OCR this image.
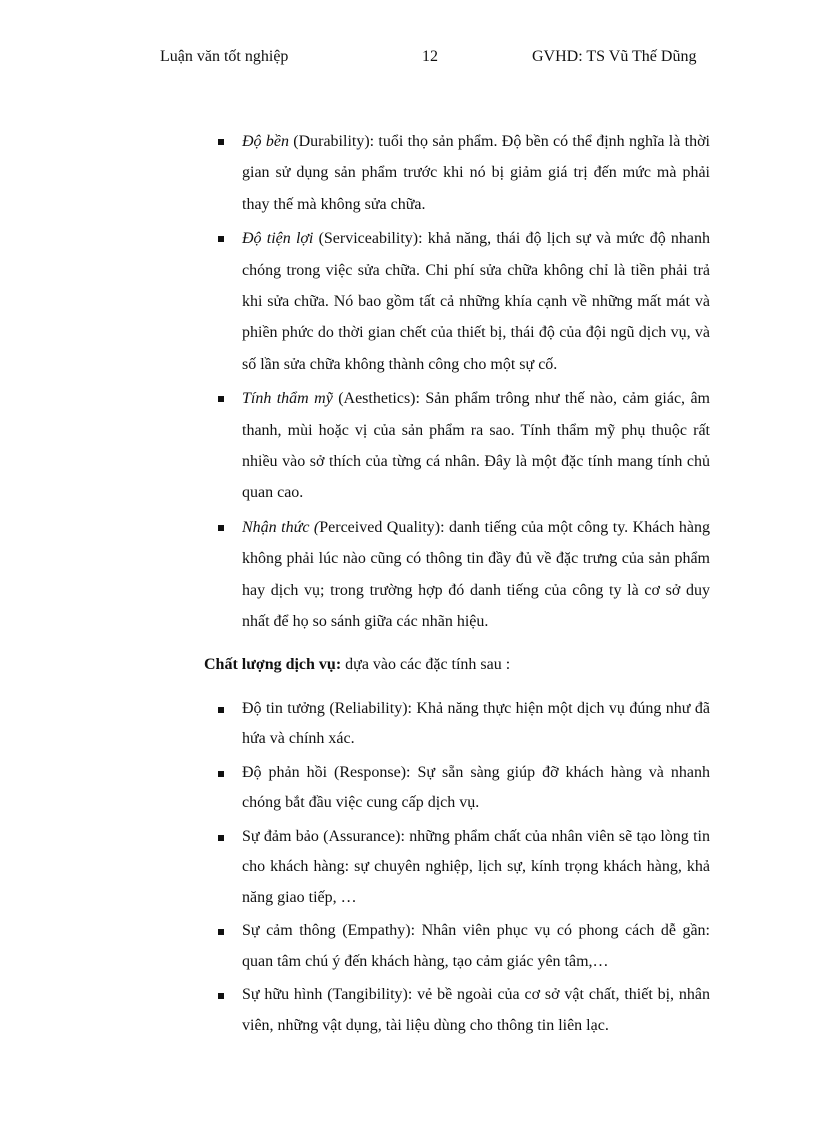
Luận văn tốt nghiệp	12	GVHD: TS Vũ Thế Dũng
Độ bền (Durability): tuổi thọ sản phẩm. Độ bền có thể định nghĩa là thời gian sử dụng sản phẩm trước khi nó bị giảm giá trị đến mức mà phải thay thế mà không sửa chữa.
Độ tiện lợi (Serviceability): khả năng, thái độ lịch sự và mức độ nhanh chóng trong việc sửa chữa. Chi phí sửa chữa không chỉ là tiền phải trả khi sửa chữa. Nó bao gồm tất cả những khía cạnh về những mất mát và phiền phức do thời gian chết của thiết bị, thái độ của đội ngũ dịch vụ, và số lần sửa chữa không thành công cho một sự cố.
Tính thẩm mỹ (Aesthetics): Sản phẩm trông như thế nào, cảm giác, âm thanh, mùi hoặc vị của sản phẩm ra sao. Tính thẩm mỹ phụ thuộc rất nhiều vào sở thích của từng cá nhân. Đây là một đặc tính mang tính chủ quan cao.
Nhận thức (Perceived Quality): danh tiếng của một công ty. Khách hàng không phải lúc nào cũng có thông tin đầy đủ về đặc trưng của sản phẩm hay dịch vụ; trong trường hợp đó danh tiếng của công ty là cơ sở duy nhất để họ so sánh giữa các nhãn hiệu.
Chất lượng dịch vụ: dựa vào các đặc tính sau :
Độ tin tưởng (Reliability): Khả năng thực hiện một dịch vụ đúng như đã hứa và chính xác.
Độ phản hồi (Response): Sự sẵn sàng giúp đỡ khách hàng và nhanh chóng bắt đầu việc cung cấp dịch vụ.
Sự đảm bảo (Assurance): những phẩm chất của nhân viên sẽ tạo lòng tin cho khách hàng: sự chuyên nghiệp, lịch sự, kính trọng khách hàng, khả năng giao tiếp, …
Sự cảm thông (Empathy): Nhân viên phục vụ có phong cách dễ gần: quan tâm chú ý đến khách hàng, tạo cảm giác yên tâm,…
Sự hữu hình (Tangibility): vẻ bề ngoài của cơ sở vật chất, thiết bị, nhân viên, những vật dụng, tài liệu dùng cho thông tin liên lạc.
